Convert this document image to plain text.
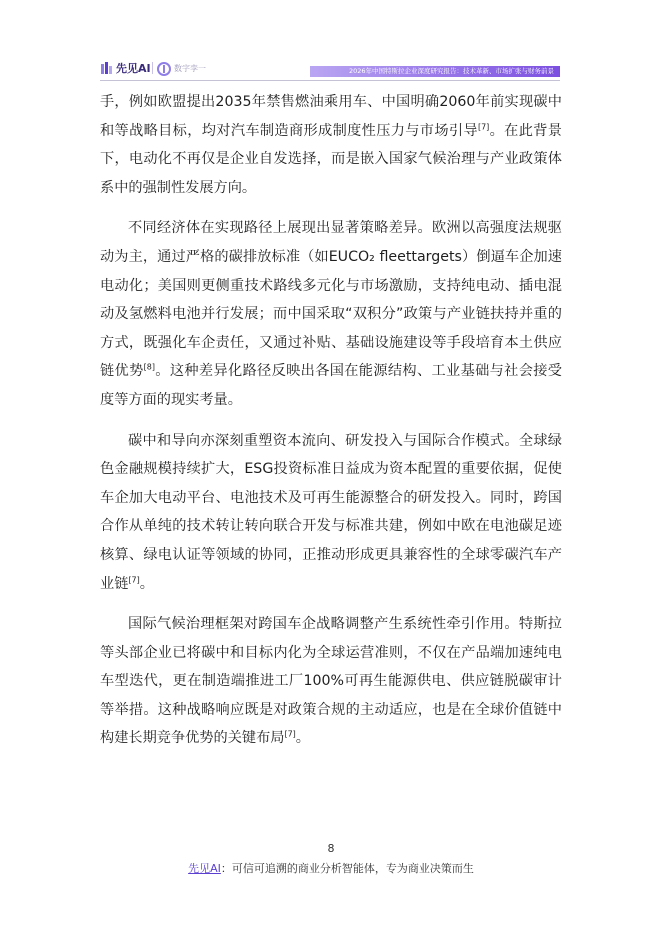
先见AI	数字孪一	2026年中国特斯拉企业深度研究报告：技术革新、市场扩张与财务前景

手，例如欧盟提出2035年禁售燃油乘用车、中国明确2060年前实现碳中和等战略目标，均对汽车制造商形成制度性压力与市场引导[7]。在此背景下，电动化不再仅是企业自发选择，而是嵌入国家气候治理与产业政策体系中的强制性发展方向。

不同经济体在实现路径上展现出显著策略差异。欧洲以高强度法规驱动为主，通过严格的碳排放标准（如EUCO₂ fleettargets）倒逼车企加速电动化；美国则更侧重技术路线多元化与市场激励，支持纯电动、插电混动及氢燃料电池并行发展；而中国采取“双积分”政策与产业链扶持并重的方式，既强化车企责任，又通过补贴、基础设施建设等手段培育本土供应链优势[8]。这种差异化路径反映出各国在能源结构、工业基础与社会接受度等方面的现实考量。

碳中和导向亦深刻重塑资本流向、研发投入与国际合作模式。全球绿色金融规模持续扩大，ESG投资标准日益成为资本配置的重要依据，促使车企加大电动平台、电池技术及可再生能源整合的研发投入。同时，跨国合作从单纯的技术转让转向联合开发与标准共建，例如中欧在电池碳足迹核算、绿电认证等领域的协同，正推动形成更具兼容性的全球零碳汽车产业链[7]。

国际气候治理框架对跨国车企战略调整产生系统性牵引作用。特斯拉等头部企业已将碳中和目标内化为全球运营准则，不仅在产品端加速纯电车型迭代，更在制造端推进工厂100%可再生能源供电、供应链脱碳审计等举措。这种战略响应既是对政策合规的主动适应，也是在全球价值链中构建长期竞争优势的关键布局[7]。

8
先见AI：可信可追溯的商业分析智能体，专为商业决策而生
